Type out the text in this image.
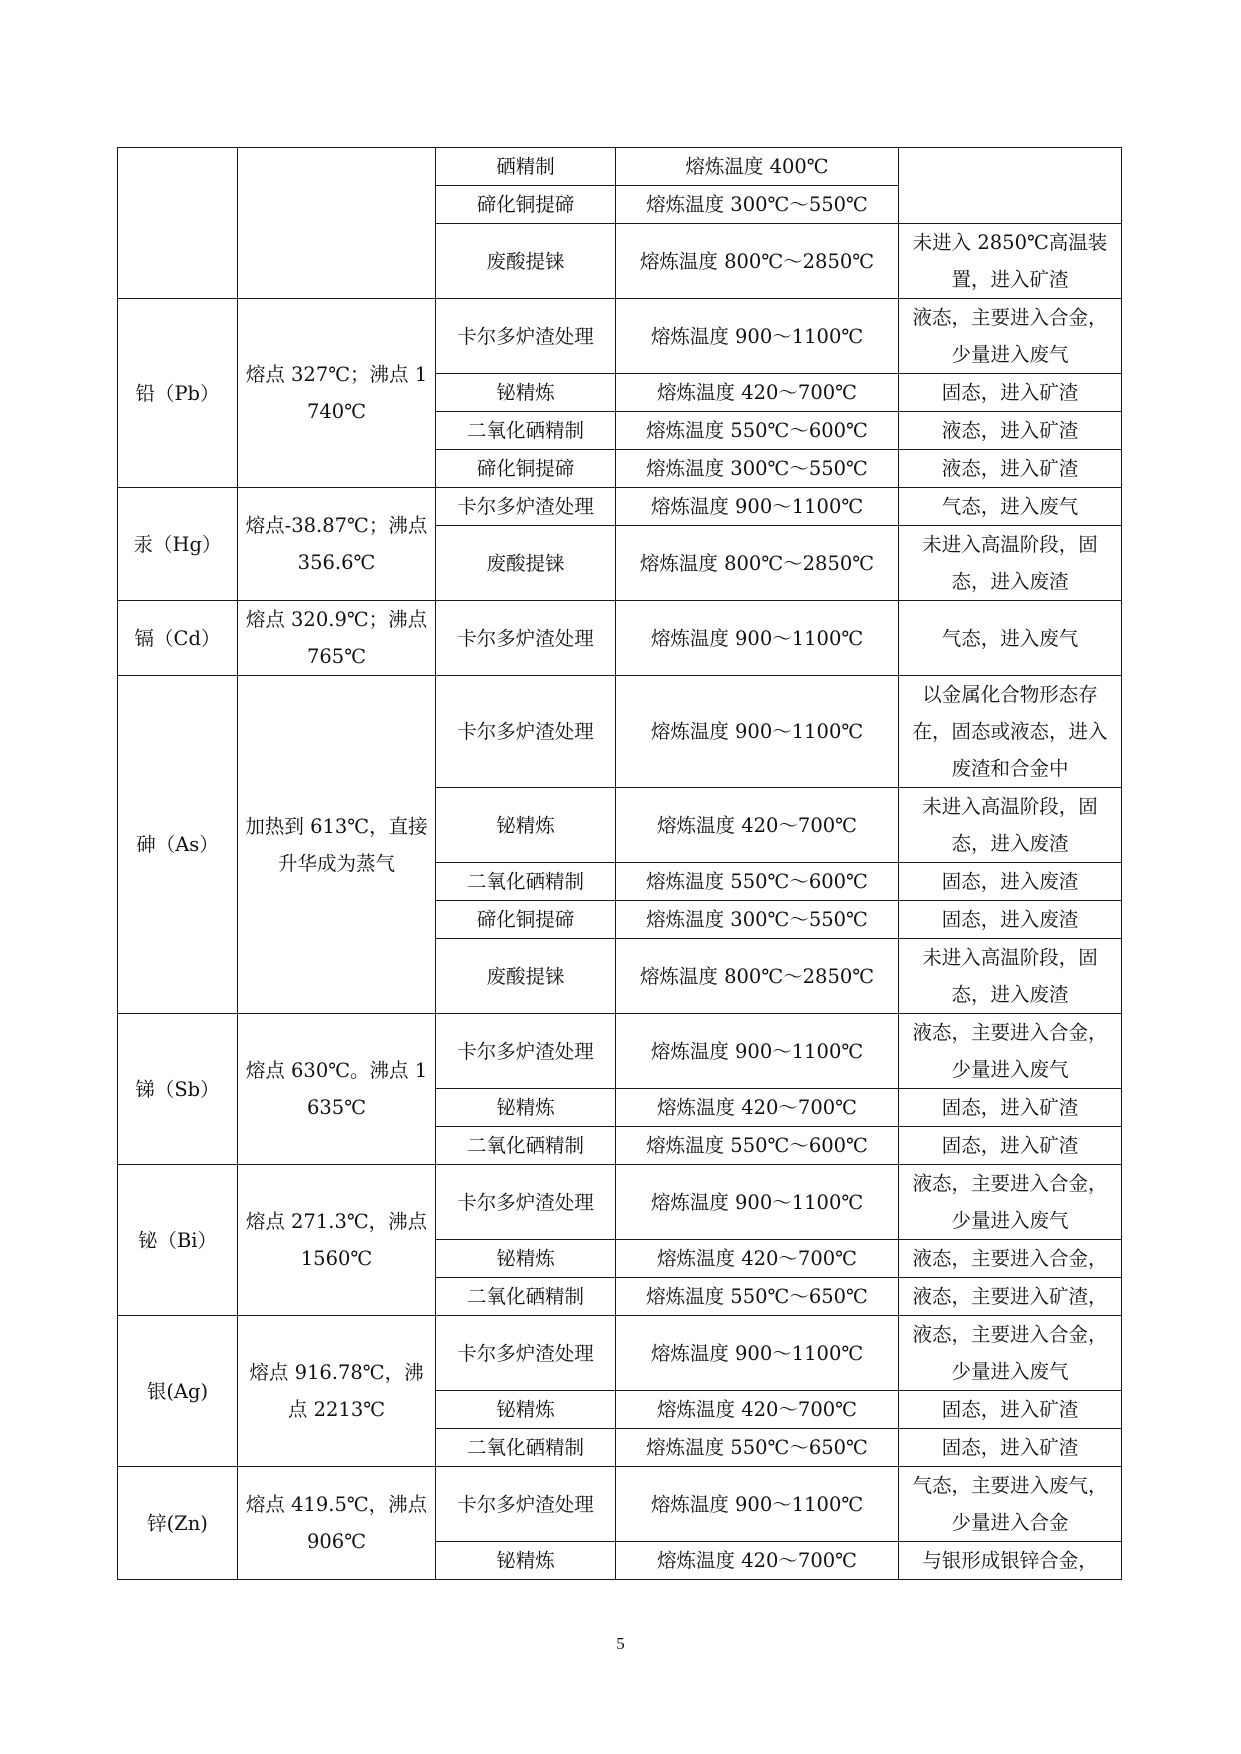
		硒精制	熔炼温度 400℃	
		碲化铜提碲	熔炼温度 300℃～550℃	
		废酸提铼	熔炼温度 800℃～2850℃	未进入 2850℃高温装置，进入矿渣
铅（Pb）	熔点 327℃；沸点 1740℃	卡尔多炉渣处理	熔炼温度 900～1100℃	液态，主要进入合金，少量进入废气
		铋精炼	熔炼温度 420～700℃	固态，进入矿渣
		二氧化硒精制	熔炼温度 550℃～600℃	液态，进入矿渣
		碲化铜提碲	熔炼温度 300℃～550℃	液态，进入矿渣
汞（Hg）	熔点-38.87℃；沸点 356.6℃	卡尔多炉渣处理	熔炼温度 900～1100℃	气态，进入废气
		废酸提铼	熔炼温度 800℃～2850℃	未进入高温阶段，固态，进入废渣
镉（Cd）	熔点 320.9℃；沸点 765℃	卡尔多炉渣处理	熔炼温度 900～1100℃	气态，进入废气
砷（As）	加热到 613℃，直接升华成为蒸气	卡尔多炉渣处理	熔炼温度 900～1100℃	以金属化合物形态存在，固态或液态，进入废渣和合金中
		铋精炼	熔炼温度 420～700℃	未进入高温阶段，固态，进入废渣
		二氧化硒精制	熔炼温度 550℃～600℃	固态，进入废渣
		碲化铜提碲	熔炼温度 300℃～550℃	固态，进入废渣
		废酸提铼	熔炼温度 800℃～2850℃	未进入高温阶段，固态，进入废渣
锑（Sb）	熔点 630℃。沸点 1635℃	卡尔多炉渣处理	熔炼温度 900～1100℃	液态，主要进入合金，少量进入废气
		铋精炼	熔炼温度 420～700℃	固态，进入矿渣
		二氧化硒精制	熔炼温度 550℃～600℃	固态，进入矿渣
铋（Bi）	熔点 271.3℃，沸点 1560℃	卡尔多炉渣处理	熔炼温度 900～1100℃	液态，主要进入合金，少量进入废气
		铋精炼	熔炼温度 420～700℃	液态，主要进入合金，
		二氧化硒精制	熔炼温度 550℃～650℃	液态，主要进入矿渣，
银(Ag)	熔点 916.78℃，沸点 2213℃	卡尔多炉渣处理	熔炼温度 900～1100℃	液态，主要进入合金，少量进入废气
		铋精炼	熔炼温度 420～700℃	固态，进入矿渣
		二氧化硒精制	熔炼温度 550℃～650℃	固态，进入矿渣
锌(Zn)	熔点 419.5℃，沸点 906℃	卡尔多炉渣处理	熔炼温度 900～1100℃	气态，主要进入废气，少量进入合金
		铋精炼	熔炼温度 420～700℃	与银形成银锌合金，
5
